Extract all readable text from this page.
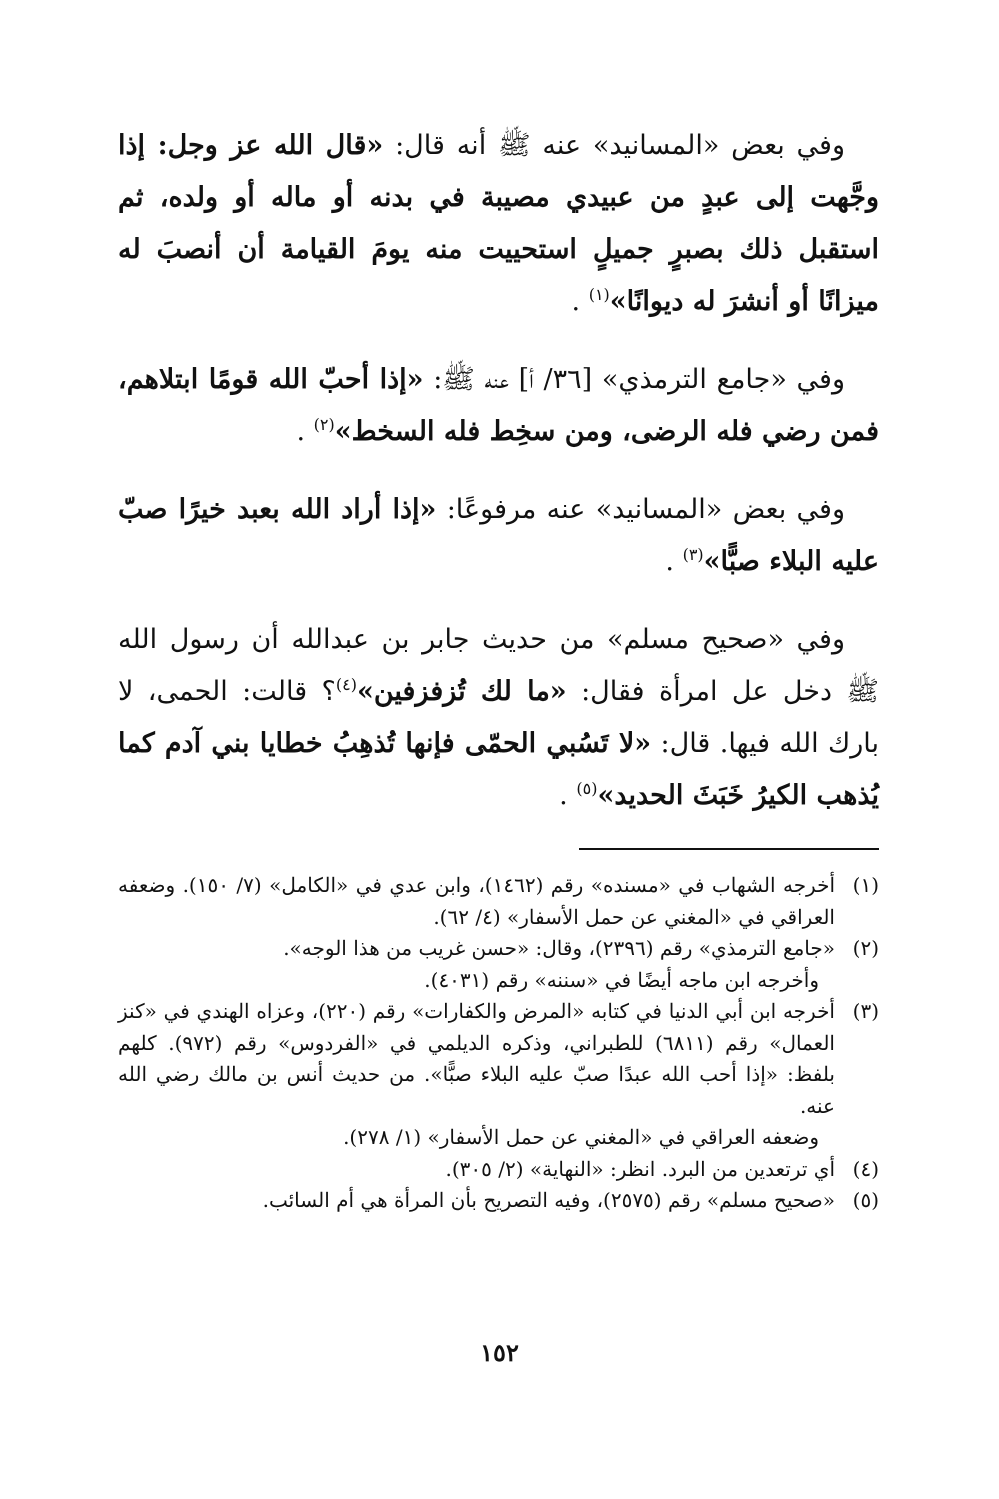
وفي بعض «المسانيد» عنه ﷺ أنه قال: «قال الله عز وجل: إذا وجَّهت إلى عبدٍ من عبيدي مصيبة في بدنه أو ماله أو ولده، ثم استقبل ذلك بصبرٍ جميلٍ استحييت منه يومَ القيامة أن أنصبَ له ميزانًا أو أنشرَ له ديوانًا»$^{(١)}$ .

وفي «جامع الترمذي» [٣٦/ أ] عنه ﷺ: «إذا أحبّ الله قومًا ابتلاهم، فمن رضي فله الرضى، ومن سخِط فله السخط»$^{(٢)}$ .

وفي بعض «المسانيد» عنه مرفوعًا: «إذا أراد الله بعبد خيرًا صبّ عليه البلاء صبًّا»$^{(٣)}$ .

وفي «صحيح مسلم» من حديث جابر بن عبدالله أن رسول الله ﷺ دخل عل امرأة فقال: «ما لك تُزفزفين»$^{(٤)}$؟ قالت: الحمى، لا بارك الله فيها. قال: «لا تَسُبي الحمّى فإنها تُذهِبُ خطايا بني آدم كما يُذهب الكيرُ خَبَثَ الحديد»$^{(٥)}$ .

(١)
أخرجه الشهاب في «مسنده» رقم (١٤٦٢)، وابن عدي في «الكامل» (٧/ ١٥٠). وضعفه العراقي في «المغني عن حمل الأسفار» (٤/ ٦٢).
(٢)
«جامع الترمذي» رقم (٢٣٩٦)، وقال: «حسن غريب من هذا الوجه».
وأخرجه ابن ماجه أيضًا في «سننه» رقم (٤٠٣١).
(٣)
أخرجه ابن أبي الدنيا في كتابه «المرض والكفارات» رقم (٢٢٠)، وعزاه الهندي في «كنز العمال» رقم (٦٨١١) للطبراني، وذكره الديلمي في «الفردوس» رقم (٩٧٢). كلهم بلفظ: «إذا أحب الله عبدًا صبّ عليه البلاء صبًّا». من حديث أنس بن مالك رضي الله عنه.
وضعفه العراقي في «المغني عن حمل الأسفار» (١/ ٢٧٨).
(٤)
أي ترتعدين من البرد. انظر: «النهاية» (٢/ ٣٠٥).
(٥)
«صحيح مسلم» رقم (٢٥٧٥)، وفيه التصريح بأن المرأة هي أم السائب.
١٥٢
